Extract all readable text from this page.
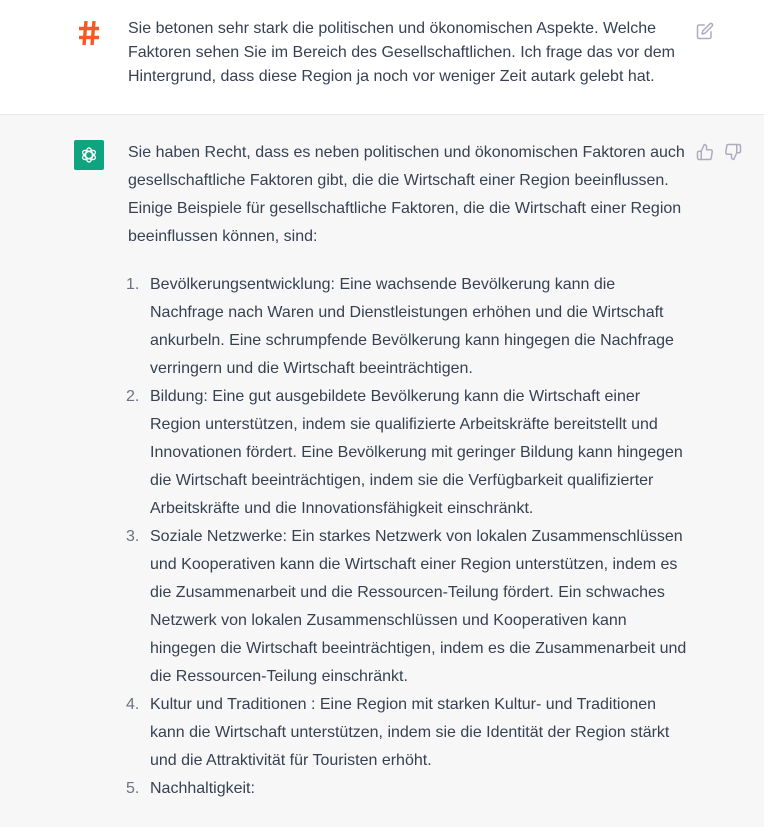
Sie betonen sehr stark die politischen und ökonomischen Aspekte. Welche Faktoren sehen Sie im Bereich des Gesellschaftlichen. Ich frage das vor dem Hintergrund, dass diese Region ja noch vor weniger Zeit autark gelebt hat.

Sie haben Recht, dass es neben politischen und ökonomischen Faktoren auch gesellschaftliche Faktoren gibt, die die Wirtschaft einer Region beeinflussen. Einige Beispiele für gesellschaftliche Faktoren, die die Wirtschaft einer Region beeinflussen können, sind:

1. Bevölkerungsentwicklung: Eine wachsende Bevölkerung kann die Nachfrage nach Waren und Dienstleistungen erhöhen und die Wirtschaft ankurbeln. Eine schrumpfende Bevölkerung kann hingegen die Nachfrage verringern und die Wirtschaft beeinträchtigen.
2. Bildung: Eine gut ausgebildete Bevölkerung kann die Wirtschaft einer Region unterstützen, indem sie qualifizierte Arbeitskräfte bereitstellt und Innovationen fördert. Eine Bevölkerung mit geringer Bildung kann hingegen die Wirtschaft beeinträchtigen, indem sie die Verfügbarkeit qualifizierter Arbeitskräfte und die Innovationsfähigkeit einschränkt.
3. Soziale Netzwerke: Ein starkes Netzwerk von lokalen Zusammenschlüssen und Kooperativen kann die Wirtschaft einer Region unterstützen, indem es die Zusammenarbeit und die Ressourcen-Teilung fördert. Ein schwaches Netzwerk von lokalen Zusammenschlüssen und Kooperativen kann hingegen die Wirtschaft beeinträchtigen, indem es die Zusammenarbeit und die Ressourcen-Teilung einschränkt.
4. Kultur und Traditionen : Eine Region mit starken Kultur- und Traditionen kann die Wirtschaft unterstützen, indem sie die Identität der Region stärkt und die Attraktivität für Touristen erhöht.
5. Nachhaltigkeit:
